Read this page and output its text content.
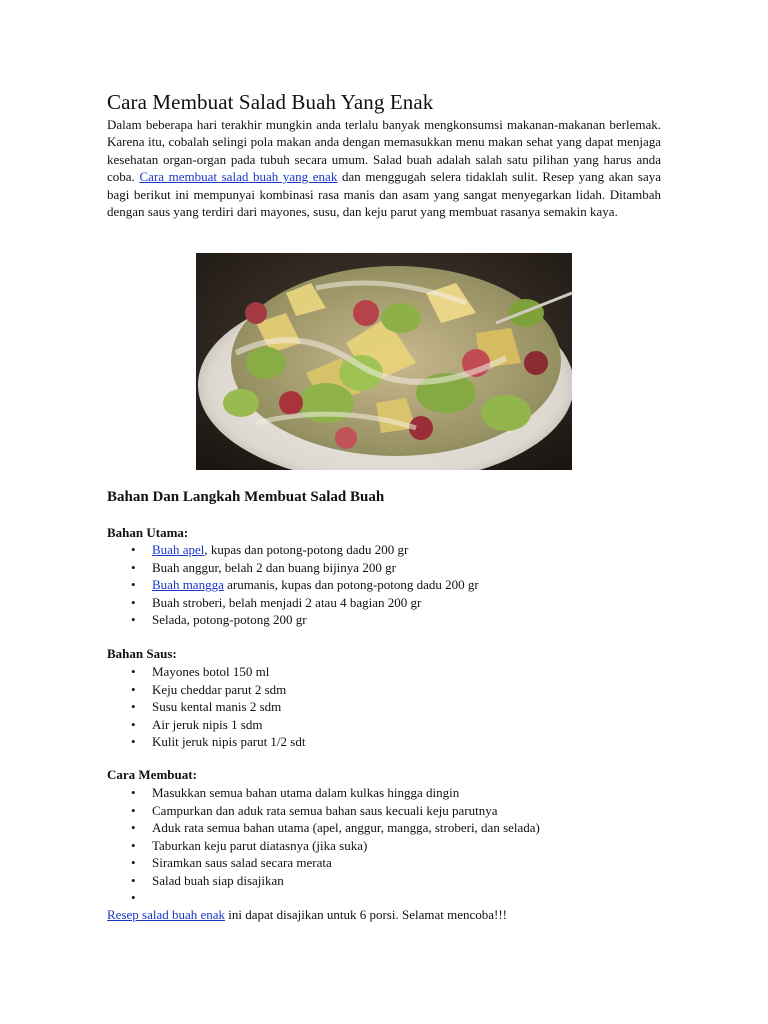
Cara Membuat Salad Buah Yang Enak
Dalam beberapa hari terakhir mungkin anda terlalu banyak mengkonsumsi makanan-makanan berlemak. Karena itu, cobalah selingi pola makan anda dengan memasukkan menu makan sehat yang dapat menjaga kesehatan organ-organ pada tubuh secara umum. Salad buah adalah salah satu pilihan yang harus anda coba. Cara membuat salad buah yang enak dan menggugah selera tidaklah sulit. Resep yang akan saya bagi berikut ini mempunyai kombinasi rasa manis dan asam yang sangat menyegarkan lidah. Ditambah dengan saus yang terdiri dari mayones, susu, dan keju parut yang membuat rasanya semakin kaya.
Bahan Dan Langkah Membuat Salad Buah
Bahan Utama:
• Buah apel, kupas dan potong-potong dadu 200 gr
• Buah anggur, belah 2 dan buang bijinya 200 gr
• Buah mangga arumanis, kupas dan potong-potong dadu 200 gr
• Buah stroberi, belah menjadi 2 atau 4 bagian 200 gr
• Selada, potong-potong 200 gr
Bahan Saus:
• Mayones botol 150 ml
• Keju cheddar parut 2 sdm
• Susu kental manis 2 sdm
• Air jeruk nipis 1 sdm
• Kulit jeruk nipis parut 1/2 sdt
Cara Membuat:
• Masukkan semua bahan utama dalam kulkas hingga dingin
• Campurkan dan aduk rata semua bahan saus kecuali keju parutnya
• Aduk rata semua bahan utama (apel, anggur, mangga, stroberi, dan selada)
• Taburkan keju parut diatasnya (jika suka)
• Siramkan saus salad secara merata
• Salad buah siap disajikan
•
Resep salad buah enak ini dapat disajikan untuk 6 porsi. Selamat mencoba!!!
